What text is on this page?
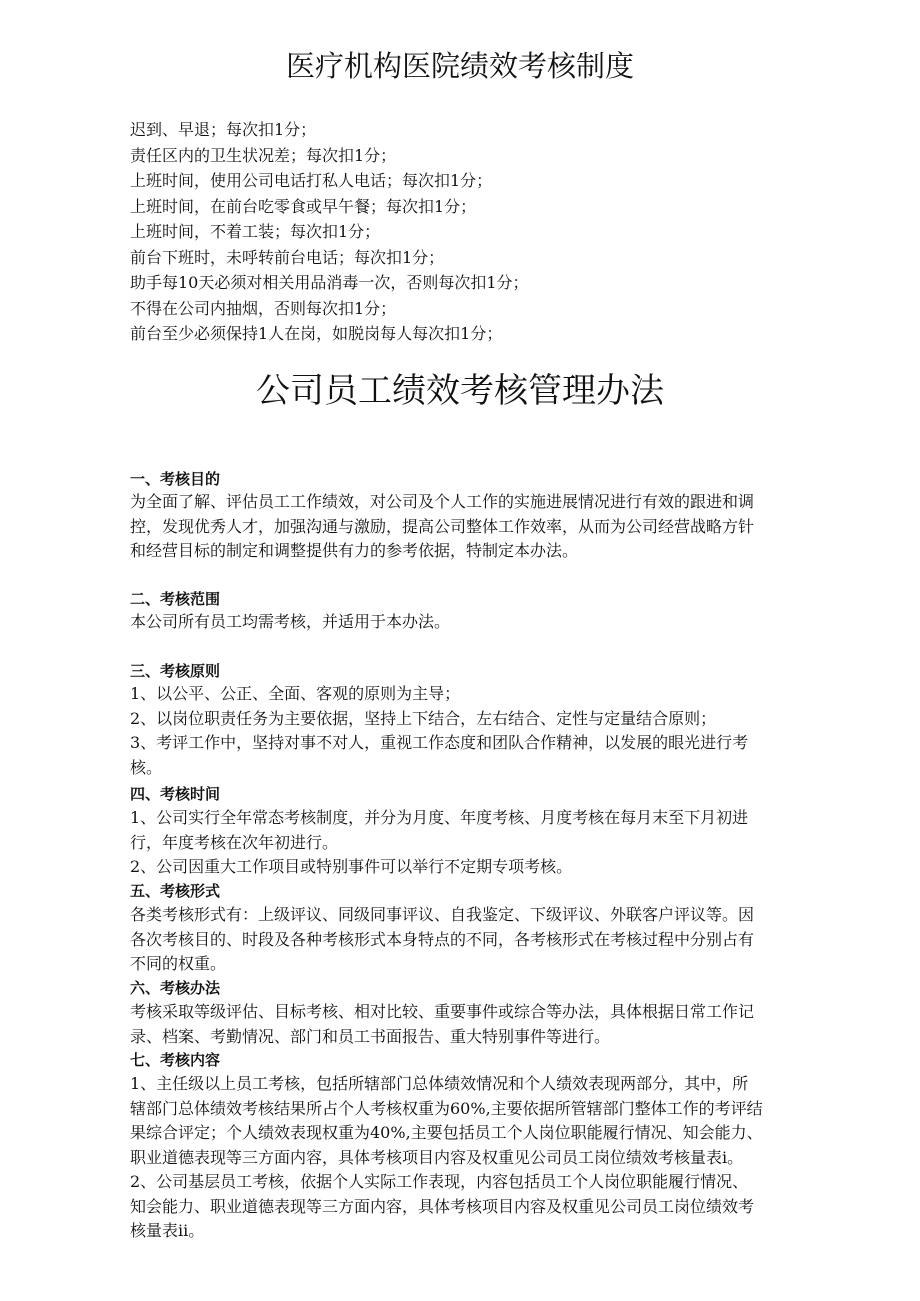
医疗机构医院绩效考核制度
迟到、早退；每次扣1分；
责任区内的卫生状况差；每次扣1分；
上班时间，使用公司电话打私人电话；每次扣1分；
上班时间，在前台吃零食或早午餐；每次扣1分；
上班时间，不着工装；每次扣1分；
前台下班时，未呼转前台电话；每次扣1分；
助手每10天必须对相关用品消毒一次，否则每次扣1分；
不得在公司内抽烟，否则每次扣1分；
前台至少必须保持1人在岗，如脱岗每人每次扣1分；
公司员工绩效考核管理办法
一、考核目的

为全面了解、评估员工工作绩效，对公司及个人工作的实施进展情况进行有效的跟进和调

控，发现优秀人才，加强沟通与激励，提高公司整体工作效率，从而为公司经营战略方针

和经营目标的制定和调整提供有力的参考依据，特制定本办法。

二、考核范围

本公司所有员工均需考核，并适用于本办法。

三、考核原则

1、以公平、公正、全面、客观的原则为主导；

2、以岗位职责任务为主要依据，坚持上下结合，左右结合、定性与定量结合原则；

3、考评工作中，坚持对事不对人，重视工作态度和团队合作精神，以发展的眼光进行考

核。

四、考核时间

1、公司实行全年常态考核制度，并分为月度、年度考核、月度考核在每月末至下月初进

行，年度考核在次年初进行。

2、公司因重大工作项目或特别事件可以举行不定期专项考核。

五、考核形式

各类考核形式有：上级评议、同级同事评议、自我鉴定、下级评议、外联客户评议等。因

各次考核目的、时段及各种考核形式本身特点的不同，各考核形式在考核过程中分别占有

不同的权重。

六、考核办法

考核采取等级评估、目标考核、相对比较、重要事件或综合等办法，具体根据日常工作记

录、档案、考勤情况、部门和员工书面报告、重大特别事件等进行。

七、考核内容

1、主任级以上员工考核，包括所辖部门总体绩效情况和个人绩效表现两部分，其中，所

辖部门总体绩效考核结果所占个人考核权重为60%,主要依据所管辖部门整体工作的考评结

果综合评定；个人绩效表现权重为40%,主要包括员工个人岗位职能履行情况、知会能力、

职业道德表现等三方面内容，具体考核项目内容及权重见公司员工岗位绩效考核量表i。

2、公司基层员工考核，依据个人实际工作表现，内容包括员工个人岗位职能履行情况、

知会能力、职业道德表现等三方面内容，具体考核项目内容及权重见公司员工岗位绩效考

核量表ii。
